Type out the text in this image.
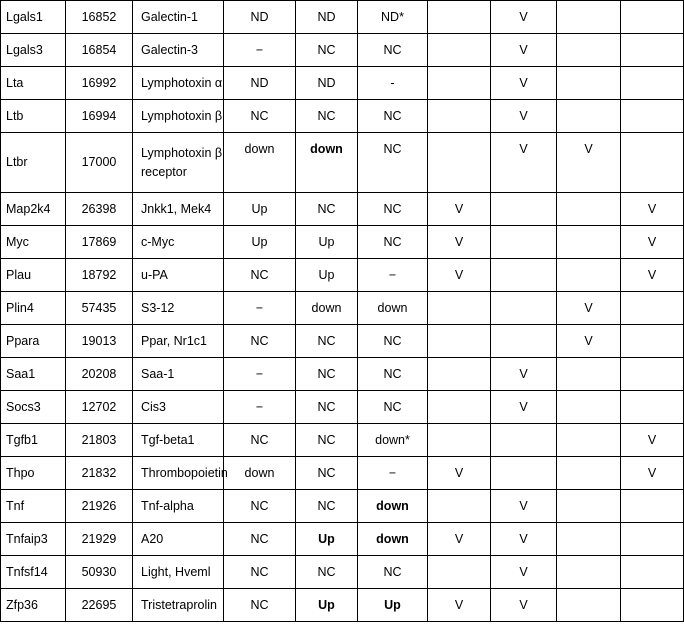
Lgals1	16852	Galectin-1	ND	ND	ND*		V		
Lgals3	16854	Galectin-3	−	NC	NC		V		
Lta	16992	Lymphotoxin α	ND	ND	-		V		
Ltb	16994	Lymphotoxin β	NC	NC	NC		V		
Ltbr	17000	Lymphotoxin β receptor	down	down	NC		V	V	
Map2k4	26398	Jnkk1, Mek4	Up	NC	NC	V			V
Myc	17869	c-Myc	Up	Up	NC	V			V
Plau	18792	u-PA	NC	Up	−	V			V
Plin4	57435	S3-12	−	down	down			V	
Ppara	19013	Ppar, Nr1c1	NC	NC	NC			V	
Saa1	20208	Saa-1	−	NC	NC		V		
Socs3	12702	Cis3	−	NC	NC		V		
Tgfb1	21803	Tgf-beta1	NC	NC	down*				V
Thpo	21832	Thrombopoietin	down	NC	−	V			V
Tnf	21926	Tnf-alpha	NC	NC	down		V		
Tnfaip3	21929	A20	NC	Up	down	V	V		
Tnfsf14	50930	Light, Hveml	NC	NC	NC		V		
Zfp36	22695	Tristetraprolin	NC	Up	Up	V	V		
